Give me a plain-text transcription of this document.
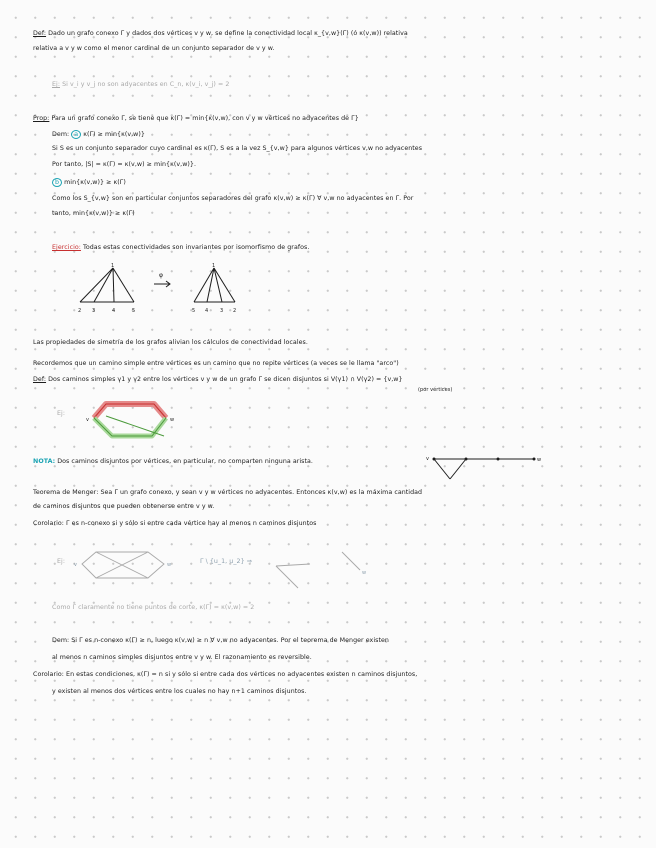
Def: Dado un grafo conexo Γ y dados dos vértices v y w, se define la conectividad local κ_{v,w}(Γ) (ó κ(v,w)) relativa
relativa a v y w como el menor cardinal de un conjunto separador de v y w.
Ej: Si v_i y v_j no son adyacentes en C_n, κ(v_i, v_j) = 2
Prop: Para un grafo conexo Γ, se tiene que κ(Γ) = min{κ(v,w), con v y w vértices no adyacentes de Γ}
Dem: a κ(Γ) ≥ min{κ(v,w)}
Si S es un conjunto separador cuyo cardinal es κ(Γ), S es a la vez S_{v,w} para algunos vértices v,w no adyacentes
Por tanto, |S| = κ(Γ) = κ(v,w) ≥ min{κ(v,w)}.
b min{κ(v,w)} ≥ κ(Γ)
Como los S_{v,w} son en particular conjuntos separadores del grafo κ(v,w) ≥ κ(Γ) ∀ v,w no adyacentes en Γ. Por
tanto, min{κ(v,w)} ≥ κ(Γ)
Ejercicio: Todas estas conectividades son invariantes por isomorfismo de grafos.
1
2 3	4	5
φ
1
5 4 3 2
Las propiedades de simetría de los grafos alivian los cálculos de conectividad locales.
Recordemos que un camino simple entre vértices es un camino que no repite vértices (a veces se le llama "arco")
Def: Dos caminos simples γ1 y γ2 entre los vértices v y w de un grafo Γ se dicen disjuntos si V(γ1) ∩ V(γ2) = {v,w}
(por vértices)
Ej:
v	w
NOTA: Dos caminos disjuntos por vértices, en particular, no comparten ninguna arista.	v	w
Teorema de Menger: Sea Γ un grafo conexo, y sean v y w vértices no adyacentes. Entonces κ(v,w) es la máxima cantidad
de caminos disjuntos que pueden obtenerse entre v y w.
Corolario: Γ es n-conexo si y sólo si entre cada vértice hay al menos n caminos disjuntos
Ej: v	w	Γ \ {u_1, u_2} ⇒
w
Como Γ claramente no tiene puntos de corte, κ(Γ) = κ(v,w) = 2
Dem: Si Γ es n-conexo κ(Γ) ≥ n, luego κ(v,w) ≥ n ∀ v,w no adyacentes. Por el teorema de Menger existen
al menos n caminos simples disjuntos entre v y w. El razonamiento es reversible.
Corolario: En estas condiciones, κ(Γ) = n si y sólo si entre cada dos vértices no adyacentes existen n caminos disjuntos,
y existen al menos dos vértices entre los cuales no hay n+1 caminos disjuntos.
